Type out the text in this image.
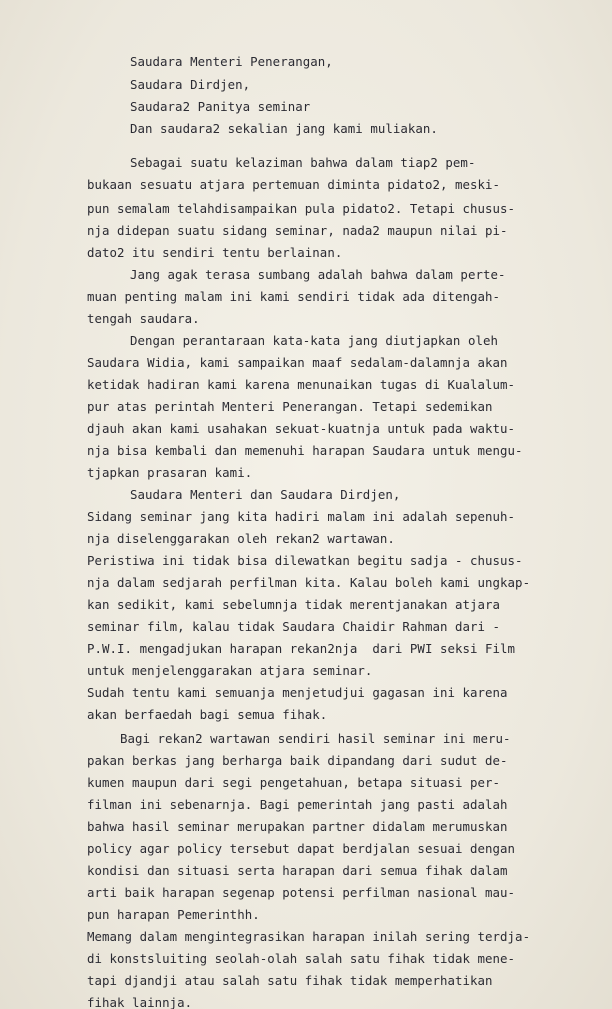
Saudara Menteri Penerangan,
Saudara Dirdjen,
Saudara2 Panitya seminar
Dan saudara2 sekalian jang kami muliakan.
Sebagai suatu kelaziman bahwa dalam tiap2 pem-
bukaan sesuatu atjara pertemuan diminta pidato2, meski-
pun semalam telahdisampaikan pula pidato2. Tetapi chusus-
nja didepan suatu sidang seminar, nada2 maupun nilai pi-
dato2 itu sendiri tentu berlainan.
Jang agak terasa sumbang adalah bahwa dalam perte-
muan penting malam ini kami sendiri tidak ada ditengah-
tengah saudara.
Dengan perantaraan kata-kata jang diutjapkan oleh
Saudara Widia, kami sampaikan maaf sedalam-dalamnja akan
ketidak hadiran kami karena menunaikan tugas di Kualalum-
pur atas perintah Menteri Penerangan. Tetapi sedemikan
djauh akan kami usahakan sekuat-kuatnja untuk pada waktu-
nja bisa kembali dan memenuhi harapan Saudara untuk mengu-
tjapkan prasaran kami.
Saudara Menteri dan Saudara Dirdjen,
Sidang seminar jang kita hadiri malam ini adalah sepenuh-
nja diselenggarakan oleh rekan2 wartawan.
Peristiwa ini tidak bisa dilewatkan begitu sadja - chusus-
nja dalam sedjarah perfilman kita. Kalau boleh kami ungkap-
kan sedikit, kami sebelumnja tidak merentjanakan atjara
seminar film, kalau tidak Saudara Chaidir Rahman dari -
P.W.I. mengadjukan harapan rekan2nja  dari PWI seksi Film
untuk menjelenggarakan atjara seminar.
Sudah tentu kami semuanja menjetudjui gagasan ini karena
akan berfaedah bagi semua fihak.
Bagi rekan2 wartawan sendiri hasil seminar ini meru-
pakan berkas jang berharga baik dipandang dari sudut de-
kumen maupun dari segi pengetahuan, betapa situasi per-
filman ini sebenarnja. Bagi pemerintah jang pasti adalah
bahwa hasil seminar merupakan partner didalam merumuskan
policy agar policy tersebut dapat berdjalan sesuai dengan
kondisi dan situasi serta harapan dari semua fihak dalam
arti baik harapan segenap potensi perfilman nasional mau-
pun harapan Pemerinthh.
Memang dalam mengintegrasikan harapan inilah sering terdja-
di konstsluiting seolah-olah salah satu fihak tidak mene-
tapi djandji atau salah satu fihak tidak memperhatikan
fihak lainnja.
